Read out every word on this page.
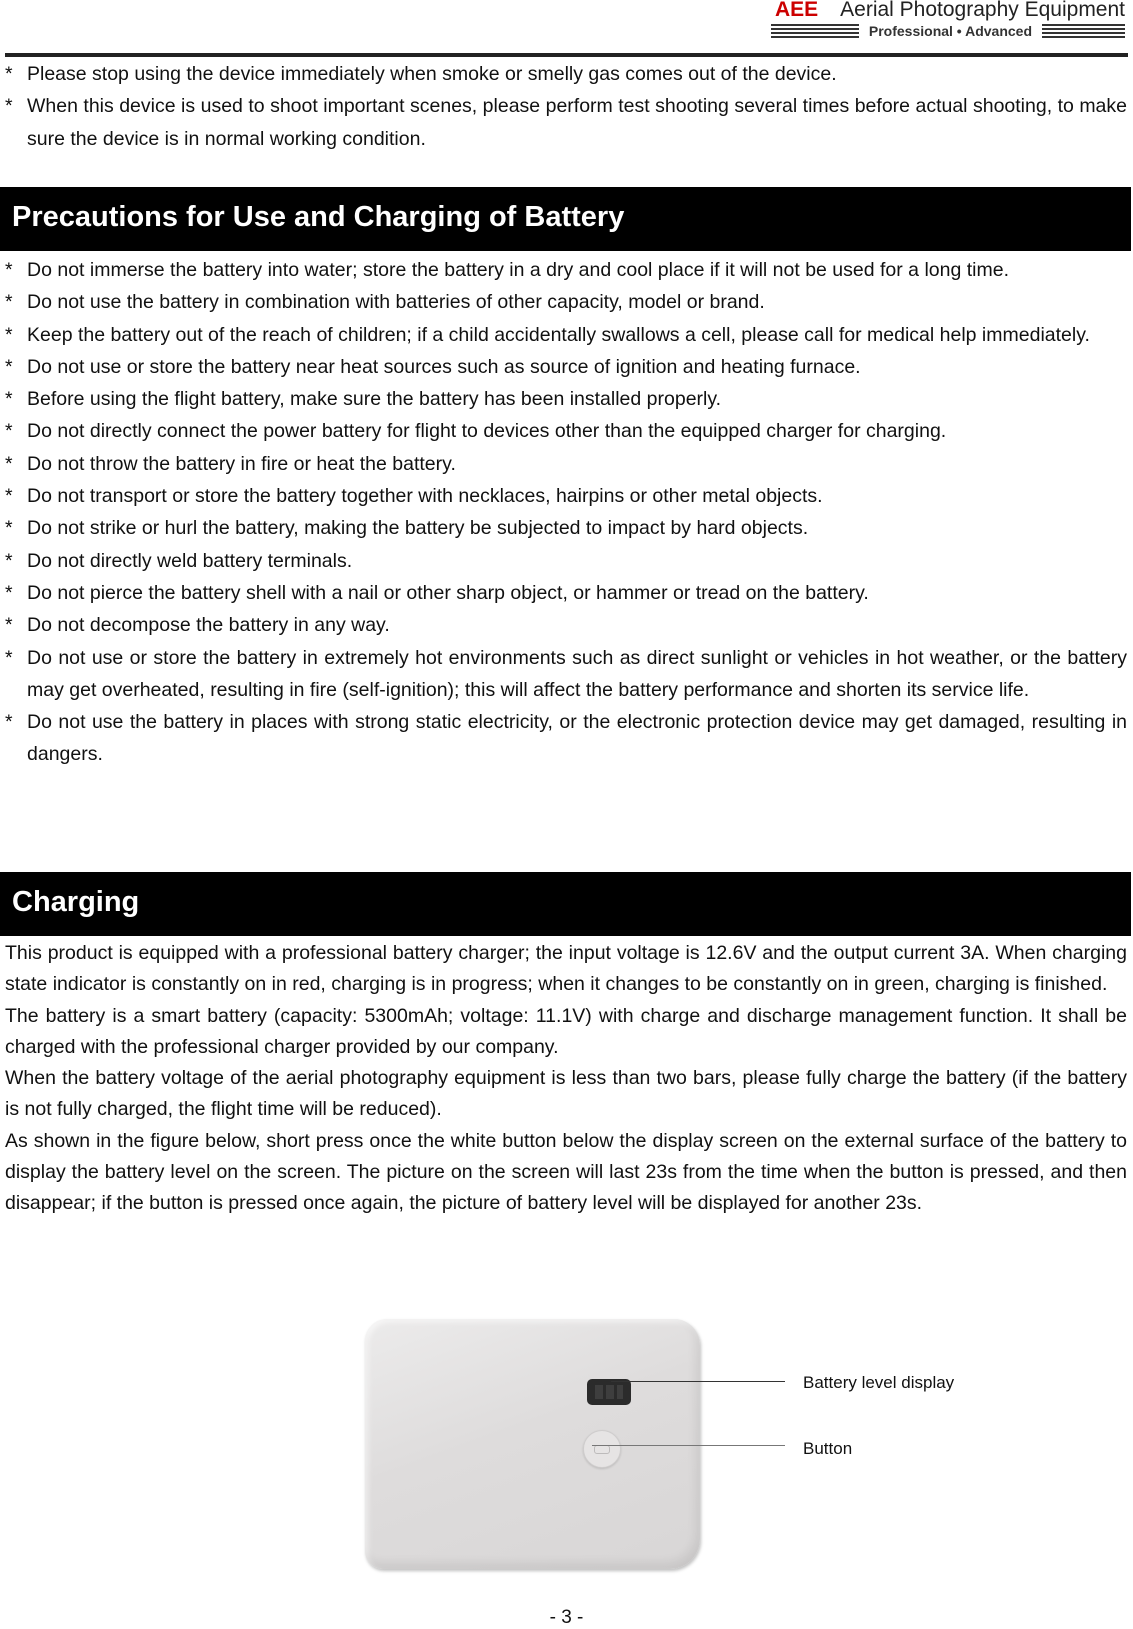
AEE Aerial Photography Equipment
Professional • Advanced
* Please stop using the device immediately when smoke or smelly gas comes out of the device.
* When this device is used to shoot important scenes, please perform test shooting several times before actual shooting, to make sure the device is in normal working condition.
Precautions for Use and Charging of Battery
* Do not immerse the battery into water; store the battery in a dry and cool place if it will not be used for a long time.
* Do not use the battery in combination with batteries of other capacity, model or brand.
* Keep the battery out of the reach of children; if a child accidentally swallows a cell, please call for medical help immediately.
* Do not use or store the battery near heat sources such as source of ignition and heating furnace.
* Before using the flight battery, make sure the battery has been installed properly.
* Do not directly connect the power battery for flight to devices other than the equipped charger for charging.
* Do not throw the battery in fire or heat the battery.
* Do not transport or store the battery together with necklaces, hairpins or other metal objects.
* Do not strike or hurl the battery, making the battery be subjected to impact by hard objects.
* Do not directly weld battery terminals.
* Do not pierce the battery shell with a nail or other sharp object, or hammer or tread on the battery.
* Do not decompose the battery in any way.
* Do not use or store the battery in extremely hot environments such as direct sunlight or vehicles in hot weather, or the battery may get overheated, resulting in fire (self-ignition); this will affect the battery performance and shorten its service life.
* Do not use the battery in places with strong static electricity, or the electronic protection device may get damaged, resulting in dangers.
Charging
This product is equipped with a professional battery charger; the input voltage is 12.6V and the output current 3A. When charging state indicator is constantly on in red, charging is in progress; when it changes to be constantly on in green, charging is finished.
The battery is a smart battery (capacity: 5300mAh; voltage: 11.1V) with charge and discharge management function. It shall be charged with the professional charger provided by our company.
When the battery voltage of the aerial photography equipment is less than two bars, please fully charge the battery (if the battery is not fully charged, the flight time will be reduced).
As shown in the figure below, short press once the white button below the display screen on the external surface of the battery to display the battery level on the screen. The picture on the screen will last 23s from the time when the button is pressed, and then disappear; if the button is pressed once again, the picture of battery level will be displayed for another 23s.
Battery level display
Button
- 3 -
